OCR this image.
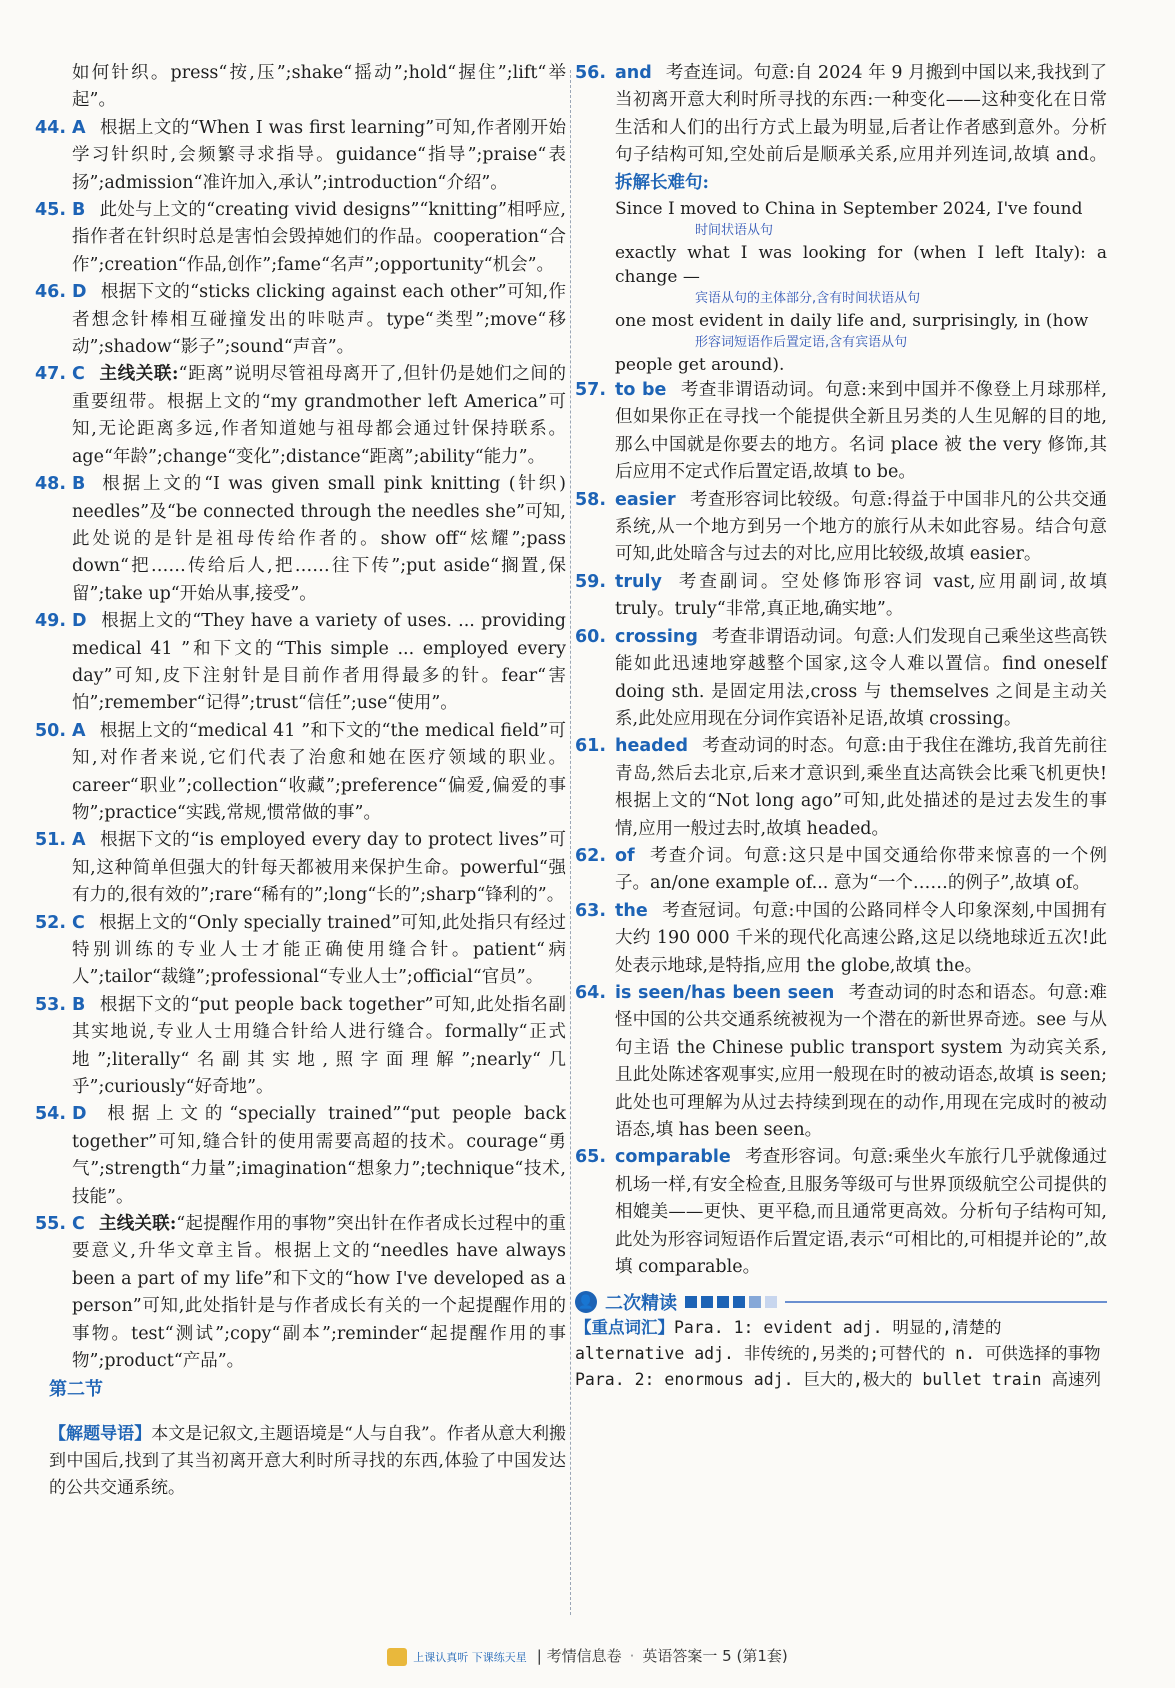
如何针织。press“按,压”;shake“摇动”;hold“握住”;lift“举起”。

44. A 根据上文的“When I was first learning”可知,作者刚开始学习针织时,会频繁寻求指导。guidance“指导”;praise“表扬”;admission“准许加入,承认”;introduction“介绍”。

45. B 此处与上文的“creating vivid designs”“knitting”相呼应,指作者在针织时总是害怕会毁掉她们的作品。cooperation“合作”;creation“作品,创作”;fame“名声”;opportunity“机会”。

46. D 根据下文的“sticks clicking against each other”可知,作者想念针棒相互碰撞发出的咔哒声。type“类型”;move“移动”;shadow“影子”;sound“声音”。

47. C 主线关联:“距离”说明尽管祖母离开了,但针仍是她们之间的重要纽带。根据上文的“my grandmother left America”可知,无论距离多远,作者知道她与祖母都会通过针保持联系。age“年龄”;change“变化”;distance“距离”;ability“能力”。

48. B 根据上文的“I was given small pink knitting (针织) needles”及“be connected through the needles she”可知,此处说的是针是祖母传给作者的。show off“炫耀”;pass down“把……传给后人,把……往下传”;put aside“搁置,保留”;take up“开始从事,接受”。

49. D 根据上文的“They have a variety of uses. ... providing medical 41 ”和下文的“This simple ... employed every day”可知,皮下注射针是目前作者用得最多的针。fear“害怕”;remember“记得”;trust“信任”;use“使用”。

50. A 根据上文的“medical 41 ”和下文的“the medical field”可知,对作者来说,它们代表了治愈和她在医疗领域的职业。career“职业”;collection“收藏”;preference“偏爱,偏爱的事物”;practice“实践,常规,惯常做的事”。

51. A 根据下文的“is employed every day to protect lives”可知,这种简单但强大的针每天都被用来保护生命。powerful“强有力的,很有效的”;rare“稀有的”;long“长的”;sharp“锋利的”。

52. C 根据上文的“Only specially trained”可知,此处指只有经过特别训练的专业人士才能正确使用缝合针。patient“病人”;tailor“裁缝”;professional“专业人士”;official“官员”。

53. B 根据下文的“put people back together”可知,此处指名副其实地说,专业人士用缝合针给人进行缝合。formally“正式地”;literally“名副其实地,照字面理解”;nearly“几乎”;curiously“好奇地”。

54. D 根据上文的“specially trained”“put people back together”可知,缝合针的使用需要高超的技术。courage“勇气”;strength“力量”;imagination“想象力”;technique“技术,技能”。

55. C 主线关联:“起提醒作用的事物”突出针在作者成长过程中的重要意义,升华文章主旨。根据上文的“needles have always been a part of my life”和下文的“how I've developed as a person”可知,此处指针是与作者成长有关的一个起提醒作用的事物。test“测试”;copy“副本”;reminder“起提醒作用的事物”;product“产品”。

第二节

【解题导语】本文是记叙文,主题语境是“人与自我”。作者从意大利搬到中国后,找到了其当初离开意大利时所寻找的东西,体验了中国发达的公共交通系统。

56. and 考查连词。句意:自 2024 年 9 月搬到中国以来,我找到了当初离开意大利时所寻找的东西:一种变化——这种变化在日常生活和人们的出行方式上最为明显,后者让作者感到意外。分析句子结构可知,空处前后是顺承关系,应用并列连词,故填 and。 拆解长难句:

Since I moved to China in September 2024, I've found
时间状语从句
exactly what I was looking for (when I left Italy): a change —
宾语从句的主体部分,含有时间状语从句
one most evident in daily life and, surprisingly, in (how
形容词短语作后置定语,含有宾语从句
people get around).

57. to be 考查非谓语动词。句意:来到中国并不像登上月球那样,但如果你正在寻找一个能提供全新且另类的人生见解的目的地,那么中国就是你要去的地方。名词 place 被 the very 修饰,其后应用不定式作后置定语,故填 to be。

58. easier 考查形容词比较级。句意:得益于中国非凡的公共交通系统,从一个地方到另一个地方的旅行从未如此容易。结合句意可知,此处暗含与过去的对比,应用比较级,故填 easier。

59. truly 考查副词。空处修饰形容词 vast,应用副词,故填 truly。truly“非常,真正地,确实地”。

60. crossing 考查非谓语动词。句意:人们发现自己乘坐这些高铁能如此迅速地穿越整个国家,这令人难以置信。find oneself doing sth. 是固定用法,cross 与 themselves 之间是主动关系,此处应用现在分词作宾语补足语,故填 crossing。

61. headed 考查动词的时态。句意:由于我住在潍坊,我首先前往青岛,然后去北京,后来才意识到,乘坐直达高铁会比乘飞机更快!根据上文的“Not long ago”可知,此处描述的是过去发生的事情,应用一般过去时,故填 headed。

62. of 考查介词。句意:这只是中国交通给你带来惊喜的一个例子。an/one example of... 意为“一个……的例子”,故填 of。

63. the 考查冠词。句意:中国的公路同样令人印象深刻,中国拥有大约 190 000 千米的现代化高速公路,这足以绕地球近五次!此处表示地球,是特指,应用 the globe,故填 the。

64. is seen/has been seen 考查动词的时态和语态。句意:难怪中国的公共交通系统被视为一个潜在的新世界奇迹。see 与从句主语 the Chinese public transport system 为动宾关系,且此处陈述客观事实,应用一般现在时的被动语态,故填 is seen;此处也可理解为从过去持续到现在的动作,用现在完成时的被动语态,填 has been seen。

65. comparable 考查形容词。句意:乘坐火车旅行几乎就像通过机场一样,有安全检查,且服务等级可与世界顶级航空公司提供的相媲美——更快、更平稳,而且通常更高效。分析句子结构可知,此处为形容词短语作后置定语,表示“可相比的,可相提并论的”,故填 comparable。

👤 二次精读
【重点词汇】Para. 1: evident adj. 明显的,清楚的 alternative adj. 非传统的,另类的;可替代的 n. 可供选择的事物
Para. 2: enormous adj. 巨大的,极大的 bullet train 高速列
上课认真听 下课练天星 | 考情信息卷 · 英语答案一 5 (第1套)
